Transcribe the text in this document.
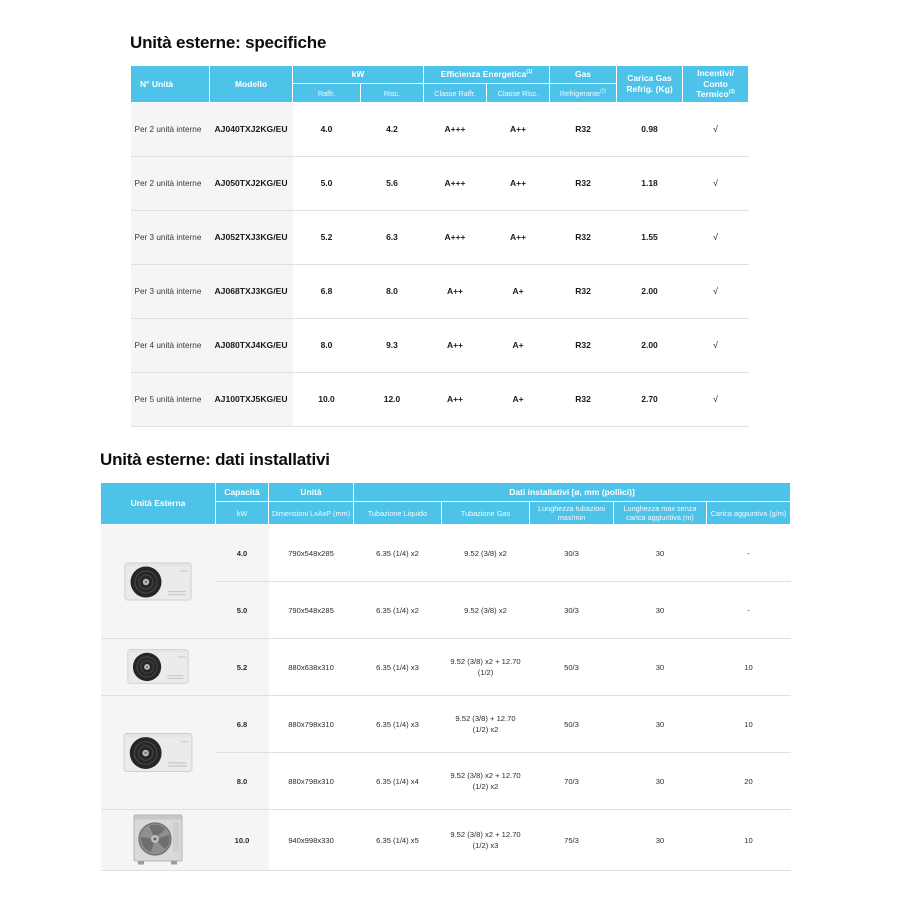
Unità esterne: specifiche
N° Unità	Modello	kW	Efficienza Energetica$^{(1)}$	Gas	Carica Gas
Refrig. (Kg)

Incentivi/
Conto Termico$^{(3)}$

		Raffr.	Risc.	Classe Raffr.	Classe Risc.	Refrigerante$^{(2)}$
Per 2 unità interne	AJ040TXJ2KG/EU	4.0	4.2	A+++	A++	R32	0.98	√
Per 2 unità interne	AJ050TXJ2KG/EU	5.0	5.6	A+++	A++	R32	1.18	√
Per 3 unità interne	AJ052TXJ3KG/EU	5.2	6.3	A+++	A++	R32	1.55	√
Per 3 unità interne	AJ068TXJ3KG/EU	6.8	8.0	A++	A+	R32	2.00	√
Per 4 unità interne	AJ080TXJ4KG/EU	8.0	9.3	A++	A+	R32	2.00	√
Per 5 unità interne	AJ100TXJ5KG/EU	10.0	12.0	A++	A+	R32	2.70	√
Unità esterne: dati installativi
Unità Esterna	Capacità	Unità	Dati installativi [ø, mm (pollici)]				
	kW	Dimensioni LxAxP (mm)	Tubazione Liquido	Tubazione Gas	Lunghezza tubazioni max/min	Lunghezza max senza carica aggiuntiva (m)	Carica aggiuntiva (g/m)
	4.0	790x548x285	6.35 (1/4) x2	9.52 (3/8) x2	30/3	30	-
	5.0	790x548x285	6.35 (1/4) x2	9.52 (3/8) x2	30/3	30	-
	5.2	880x638x310	6.35 (1/4) x3	9.52 (3/8) x2 + 12.70 (1/2)	50/3	30	10
	6.8	880x798x310	6.35 (1/4) x3	9.52 (3/8) + 12.70 (1/2) x2	50/3	30	10
	8.0	880x798x310	6.35 (1/4) x4	9.52 (3/8) x2 + 12.70 (1/2) x2	70/3	30	20
	10.0	940x998x330	6.35 (1/4) x5	9.52 (3/8) x2 + 12.70 (1/2) x3	75/3	30	10
